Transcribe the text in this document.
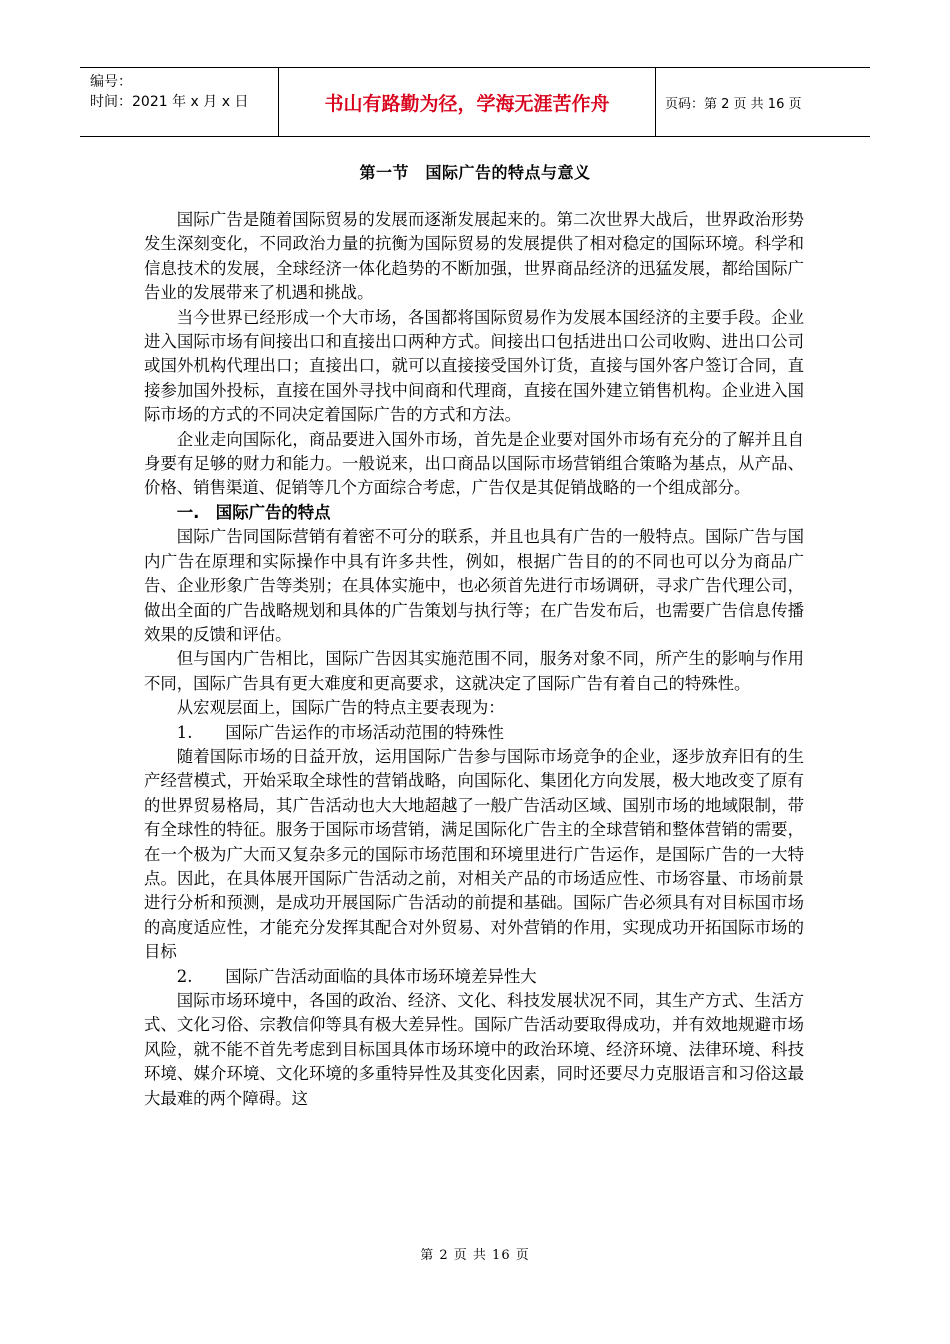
编号：
时间：2021 年 x 月 x 日	书山有路勤为径，学海无涯苦作舟	页码：第 2 页 共 16 页
第一节　国际广告的特点与意义

国际广告是随着国际贸易的发展而逐渐发展起来的。第二次世界大战后，世界政治形势发生深刻变化，不同政治力量的抗衡为国际贸易的发展提供了相对稳定的国际环境。科学和信息技术的发展，全球经济一体化趋势的不断加强，世界商品经济的迅猛发展，都给国际广告业的发展带来了机遇和挑战。

当今世界已经形成一个大市场，各国都将国际贸易作为发展本国经济的主要手段。企业进入国际市场有间接出口和直接出口两种方式。间接出口包括进出口公司收购、进出口公司或国外机构代理出口；直接出口，就可以直接接受国外订货，直接与国外客户签订合同，直接参加国外投标，直接在国外寻找中间商和代理商，直接在国外建立销售机构。企业进入国际市场的方式的不同决定着国际广告的方式和方法。

企业走向国际化，商品要进入国外市场，首先是企业要对国外市场有充分的了解并且自身要有足够的财力和能力。一般说来，出口商品以国际市场营销组合策略为基点，从产品、价格、销售渠道、促销等几个方面综合考虑，广告仅是其促销战略的一个组成部分。

一.　国际广告的特点

国际广告同国际营销有着密不可分的联系，并且也具有广告的一般特点。国际广告与国内广告在原理和实际操作中具有许多共性，例如，根据广告目的的不同也可以分为商品广告、企业形象广告等类别；在具体实施中，也必须首先进行市场调研，寻求广告代理公司，做出全面的广告战略规划和具体的广告策划与执行等；在广告发布后，也需要广告信息传播效果的反馈和评估。

但与国内广告相比，国际广告因其实施范围不同，服务对象不同，所产生的影响与作用不同，国际广告具有更大难度和更高要求，这就决定了国际广告有着自己的特殊性。

从宏观层面上，国际广告的特点主要表现为：

1.　　国际广告运作的市场活动范围的特殊性

随着国际市场的日益开放，运用国际广告参与国际市场竞争的企业，逐步放弃旧有的生产经营模式，开始采取全球性的营销战略，向国际化、集团化方向发展，极大地改变了原有的世界贸易格局，其广告活动也大大地超越了一般广告活动区域、国别市场的地域限制，带有全球性的特征。服务于国际市场营销，满足国际化广告主的全球营销和整体营销的需要，在一个极为广大而又复杂多元的国际市场范围和环境里进行广告运作，是国际广告的一大特点。因此，在具体展开国际广告活动之前，对相关产品的市场适应性、市场容量、市场前景进行分析和预测，是成功开展国际广告活动的前提和基础。国际广告必须具有对目标国市场的高度适应性，才能充分发挥其配合对外贸易、对外营销的作用，实现成功开拓国际市场的目标

2.　　国际广告活动面临的具体市场环境差异性大

国际市场环境中，各国的政治、经济、文化、科技发展状况不同，其生产方式、生活方式、文化习俗、宗教信仰等具有极大差异性。国际广告活动要取得成功，并有效地规避市场风险，就不能不首先考虑到目标国具体市场环境中的政治环境、经济环境、法律环境、科技环境、媒介环境、文化环境的多重特异性及其变化因素，同时还要尽力克服语言和习俗这最大最难的两个障碍。这

第 2 页 共 16 页
